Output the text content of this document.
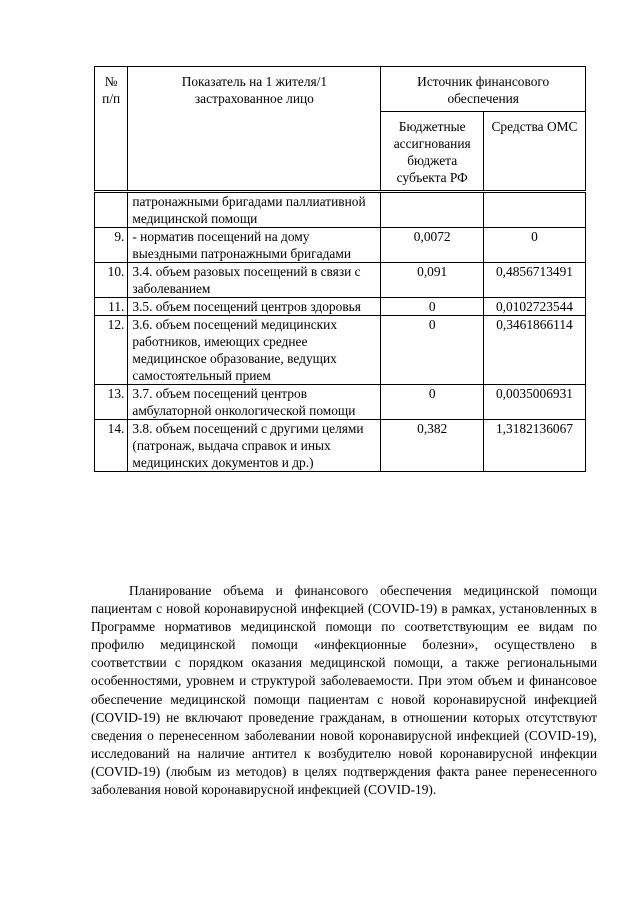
№
п/п	Показатель на 1 жителя/1 застрахованное лицо	Источник финансового обеспечения	
		Бюджетные ассигнования бюджета субъекта РФ	Средства ОМС
	патронажными бригадами паллиативной медицинской помощи		
9.	- норматив посещений на дому выездными патронажными бригадами	0,0072	0
10.	3.4. объем разовых посещений в связи с заболеванием	0,091	0,4856713491
11.	3.5. объем посещений центров здоровья	0	0,0102723544
12.	3.6. объем посещений медицинских работников, имеющих среднее медицинское образование, ведущих самостоятельный прием	0	0,3461866114
13.	3.7. объем посещений центров амбулаторной онкологической помощи	0	0,0035006931
14.	3.8. объем посещений с другими целями (патронаж, выдача справок и иных медицинских документов и др.)	0,382	1,3182136067

Планирование объема и финансового обеспечения медицинской помощи пациентам с новой коронавирусной инфекцией (COVID-19) в рамках, установленных в Программе нормативов медицинской помощи по соответствующим ее видам по профилю медицинской помощи «инфекционные болезни», осуществлено в соответствии с порядком оказания медицинской помощи, а также региональными особенностями, уровнем и структурой заболеваемости. При этом объем и финансовое обеспечение медицинской помощи пациентам с новой коронавирусной инфекцией (COVID-19) не включают проведение гражданам, в отношении которых отсутствуют сведения о перенесенном заболевании новой коронавирусной инфекцией (COVID-19), исследований на наличие антител к возбудителю новой коронавирусной инфекции (COVID-19) (любым из методов) в целях подтверждения факта ранее перенесенного заболевания новой коронавирусной инфекцией (COVID-19).
